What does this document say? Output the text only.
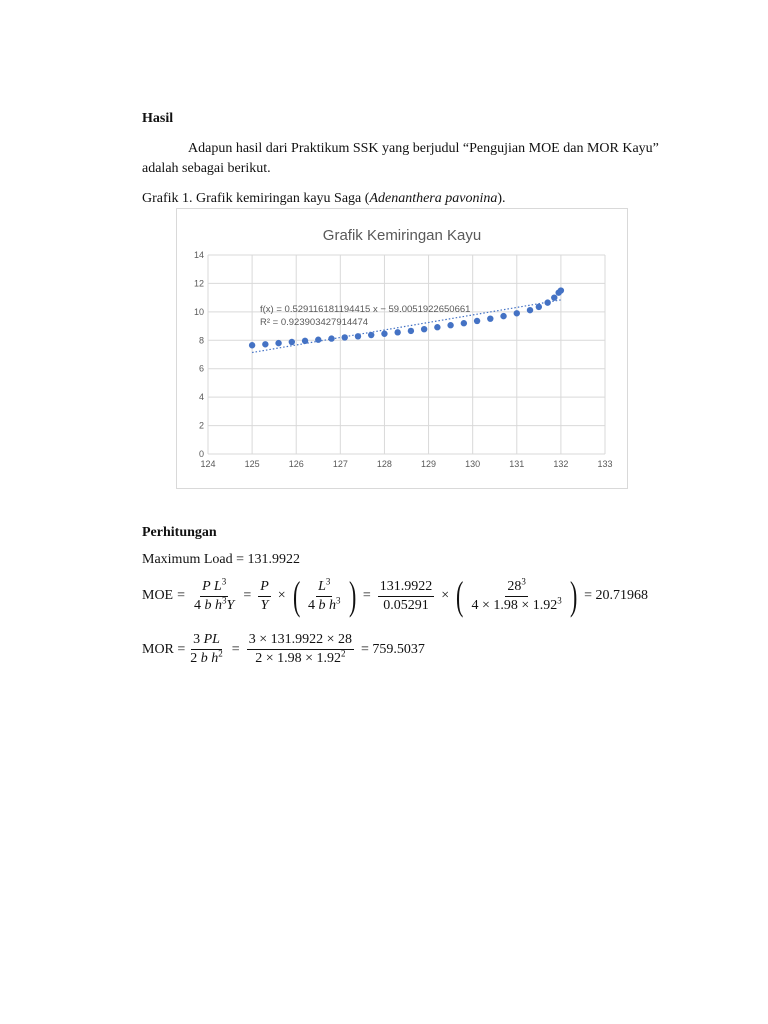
Hasil
Adapun hasil dari Praktikum SSK yang berjudul “Pengujian MOE dan MOR Kayu” adalah sebagai berikut.
Grafik 1. Grafik kemiringan kayu Saga (Adenanthera pavonina).
Grafik Kemiringan Kayu
0
2
4
6
8
10
12
14
124	125	126	127	128	129	130	131	132	133
f(x) = 0.529116181194415 x − 59.0051922650661
R² = 0.923903427914474
Perhitungan
Maximum Load = 131.9922
MOE = $\frac{P L^3}{4 b h^3Y} = \frac{P}{Y}$ × ( $\frac{L^3}{4 b h^3}$ ) = $\frac{131.9922}{0.05291}$ × ( $\frac{28^3}{4 \times 1.98 \times 1.92^3}$ ) = 20.71968
MOR = $\frac{3 PL}{2 b h^2} = \frac{3 \times 131.9922 \times 28}{2 \times 1.98 \times 1.92^2} = 759.5037$
